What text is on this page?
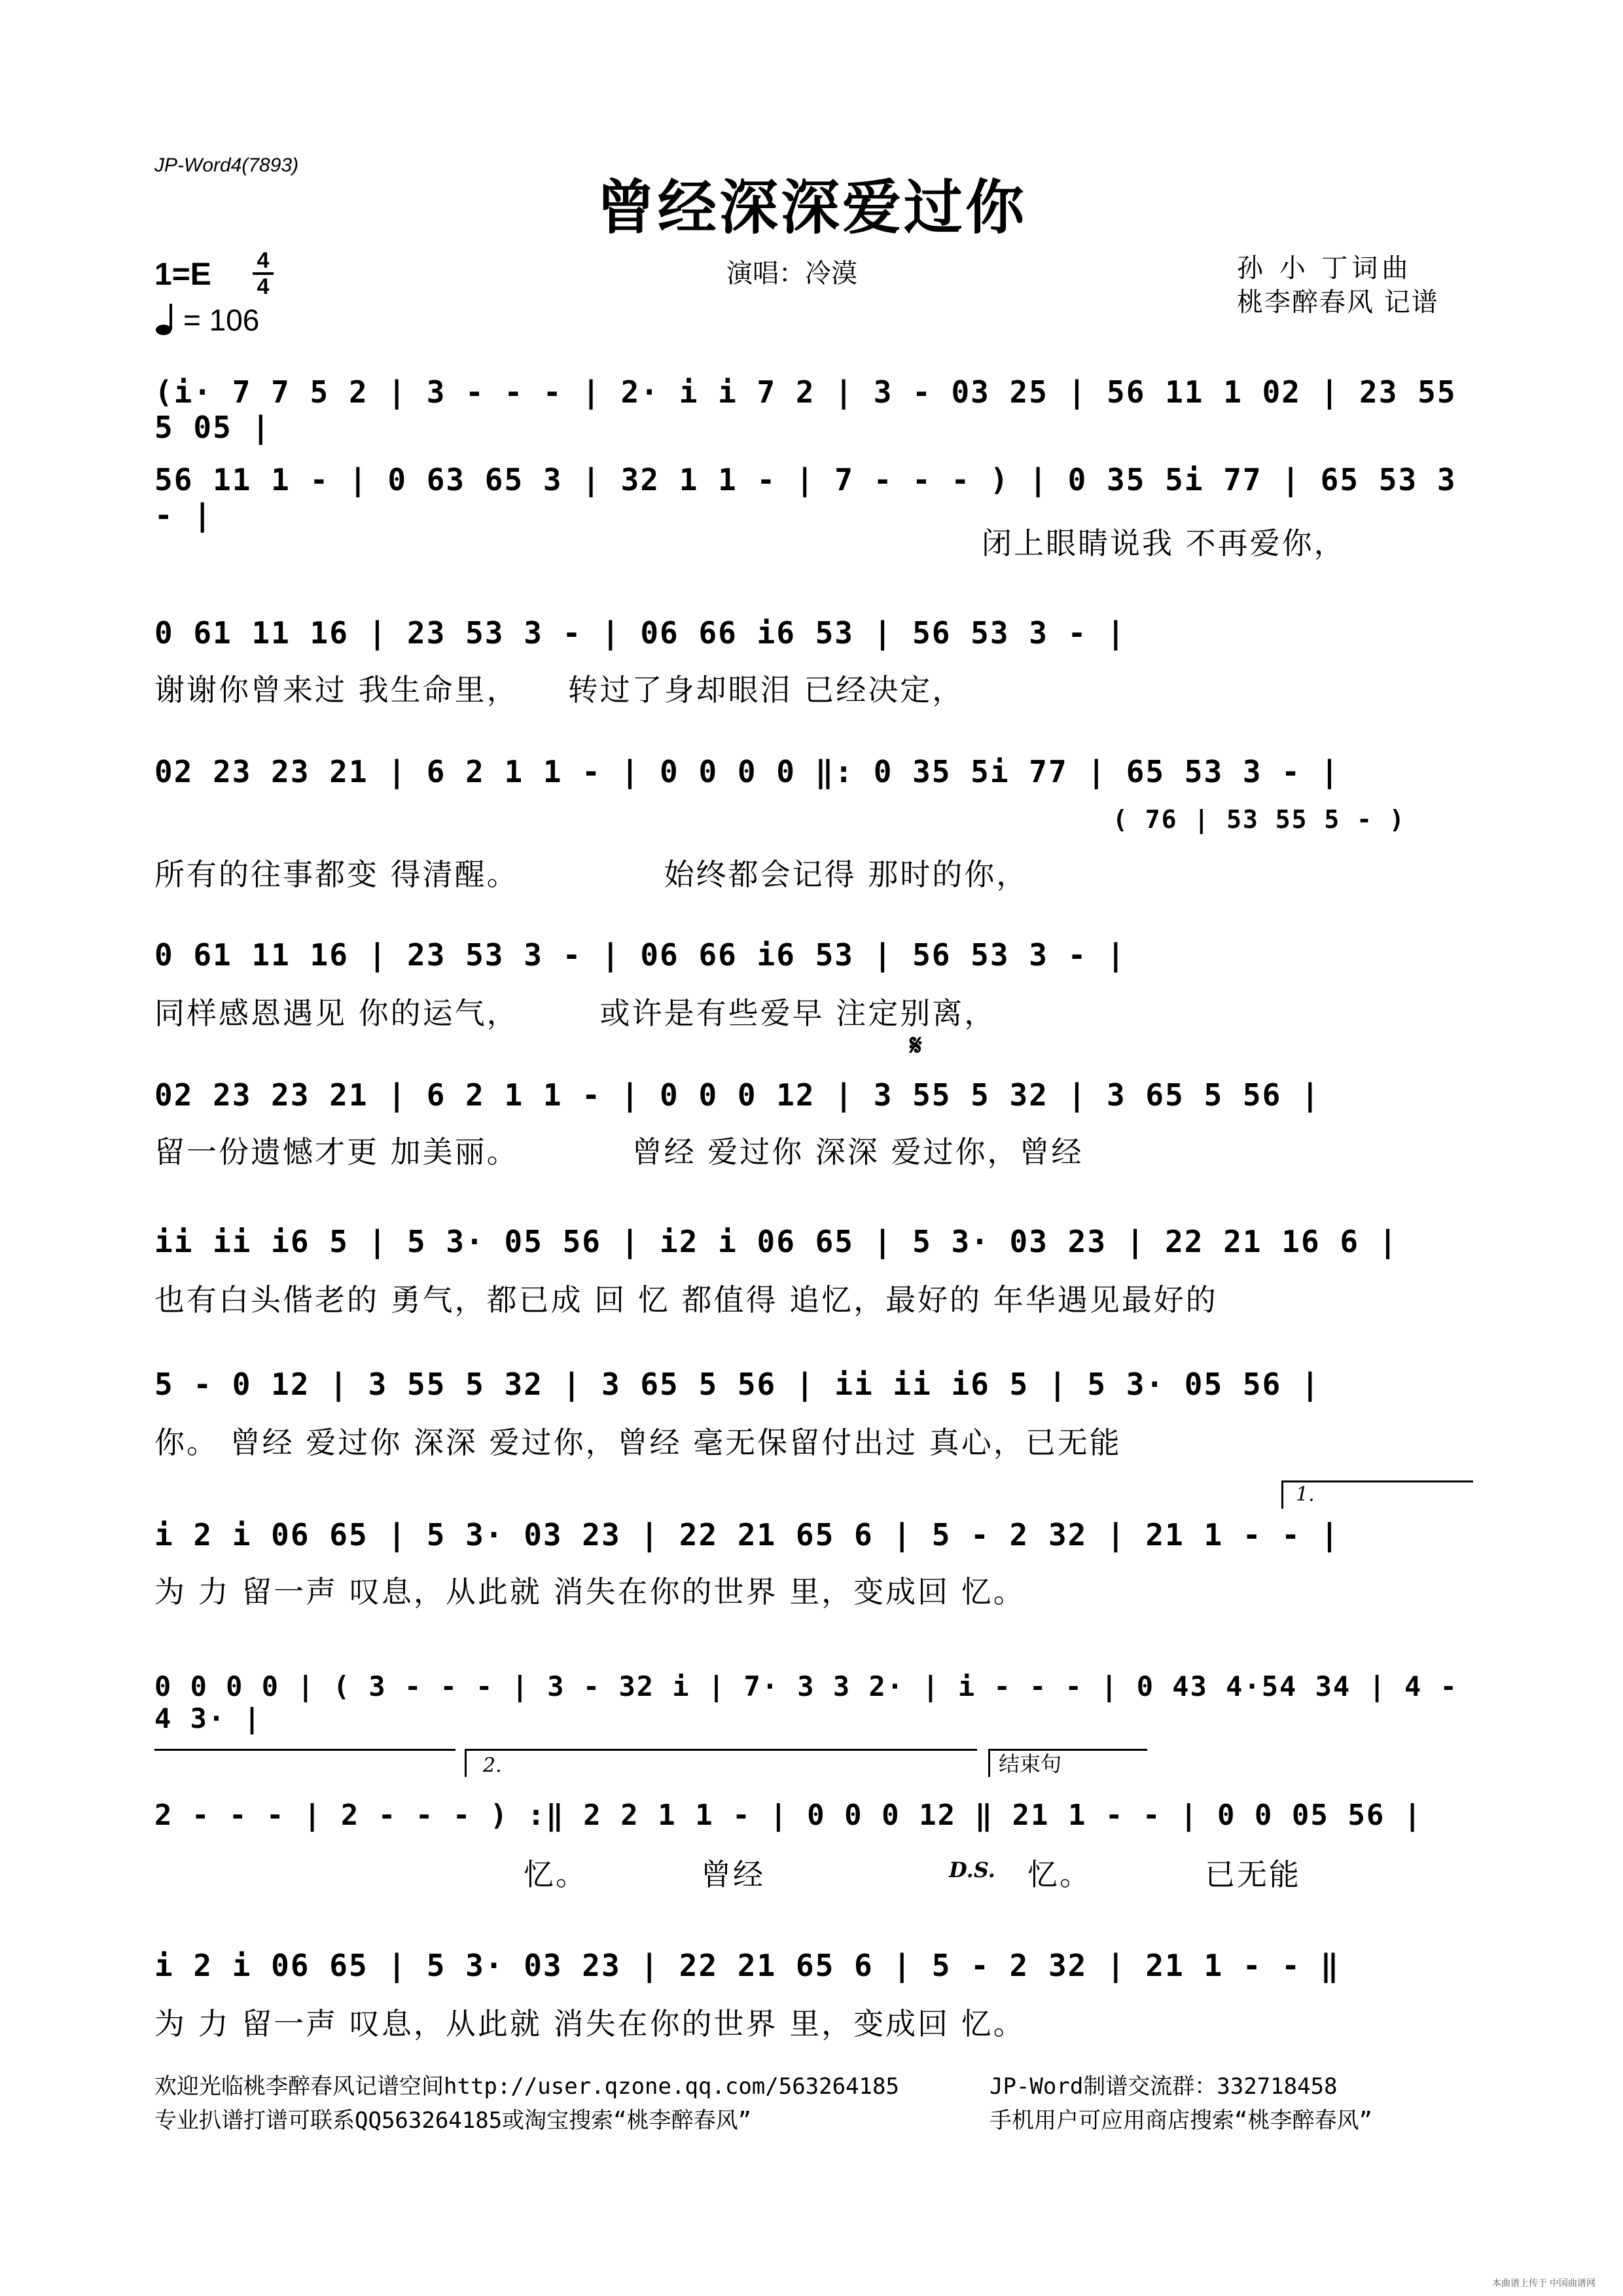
JP-Word4(7893)
曾经深深爱过你
1=E 4
4
= 106
演唱：冷漠	孙 小 丁词曲
桃李醉春风 记谱
(i· 7 7 5 2 | 3 - - - | 2· i i 7 2 | 3 - 03 25 | 56 11 1 02 | 23 55 5 05 |
56 11 1 - | 0 63 65 3 | 32 1 1 - | 7 - - - ) | 0 35 5i 77 | 65 53 3 - |
闭上眼睛说我 不再爱你，
0 61 11 16 | 23 53 3 - | 06 66 i6 53 | 56 53 3 - |
谢谢你曾来过 我生命里，　　转过了身却眼泪 已经决定，
02 23 23 21 | 6 2 1 1 - | 0 0 0 0 ‖: 0 35 5i 77 | 65 53 3 - |
( 76 | 53 55 5 - )
所有的往事都变 得清醒。　　　　　始终都会记得 那时的你，
0 61 11 16 | 23 53 3 - | 06 66 i6 53 | 56 53 3 - |
同样感恩遇见 你的运气，　　　或许是有些爱早 注定别离，
𝄋
02 23 23 21 | 6 2 1 1 - | 0 0 0 12 | 3 55 5 32 | 3 65 5 56 |
留一份遗憾才更 加美丽。　　　　曾经 爱过你 深深 爱过你，曾经
ii ii i6 5 | 5 3· 05 56 | i2 i 06 65 | 5 3· 03 23 | 22 21 16 6 |
也有白头偕老的 勇气，都已成 回 忆 都值得 追忆，最好的 年华遇见最好的
5 - 0 12 | 3 55 5 32 | 3 65 5 56 | ii ii i6 5 | 5 3· 05 56 |
你。 曾经 爱过你 深深 爱过你，曾经 毫无保留付出过 真心，已无能
1.
i 2 i 06 65 | 5 3· 03 23 | 22 21 65 6 | 5 - 2 32 | 21 1 - - |
为 力 留一声 叹息，从此就 消失在你的世界 里，变成回 忆。
0 0 0 0 | ( 3 - - - | 3 - 32 i | 7· 3 3 2· | i - - - | 0 43 4·54 34 | 4 - 4 3· |
2.	结束句
2 - - - | 2 - - - ) :‖ 2 2 1 1 - | 0 0 0 12 ‖ 21 1 - - | 0 0 05 56 |
忆。　　　　曾经	D.S. 忆。　　　　已无能
i 2 i 06 65 | 5 3· 03 23 | 22 21 65 6 | 5 - 2 32 | 21 1 - - ‖
为 力 留一声 叹息，从此就 消失在你的世界 里，变成回 忆。
欢迎光临桃李醉春风记谱空间http://user.qzone.qq.com/563264185	JP-Word制谱交流群：332718458
专业扒谱打谱可联系QQ563264185或淘宝搜索“桃李醉春风”	手机用户可应用商店搜索“桃李醉春风”
本曲谱上传于 中国曲谱网
